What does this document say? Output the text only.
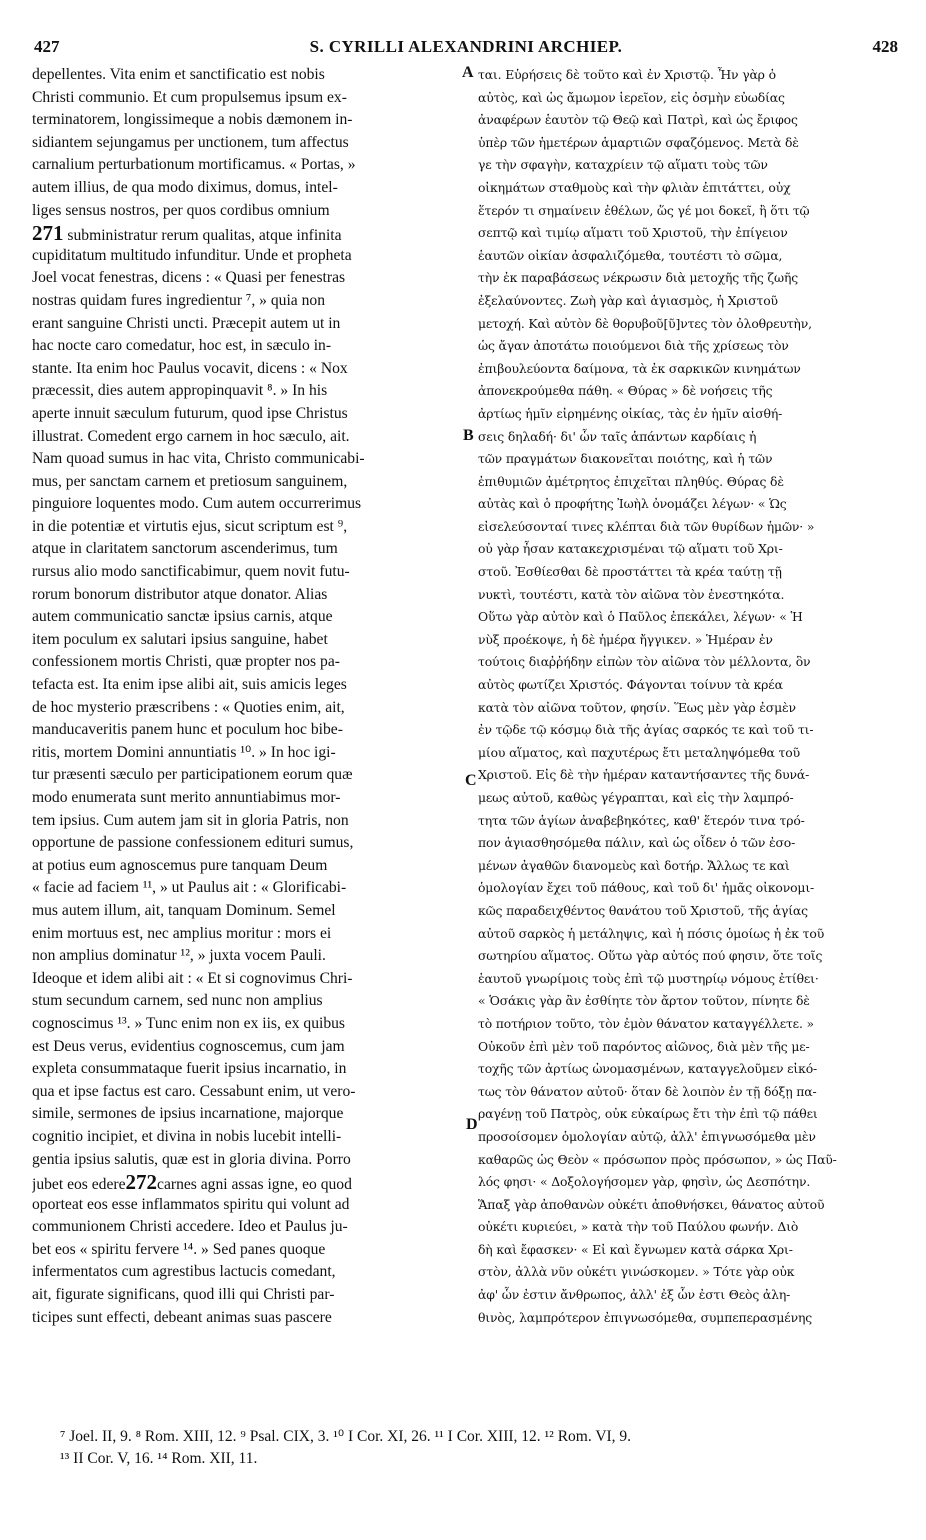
427	S. CYRILLI ALEXANDRINI ARCHIEP.	428
depellentes. Vita enim et sanctificatio est nobis
Christi communio. Et cum propulsemus ipsum ex-
terminatorem, longissimeque a nobis dæmonem in-
sidiantem sejungamus per unctionem, tum affectus
carnalium perturbationum mortificamus. « Portas, »
autem illius, de qua modo diximus, domus, intel-
liges sensus nostros, per quos cordibus omnium
271 subministratur rerum qualitas, atque infinita
cupiditatum multitudo infunditur. Unde et propheta
Joel vocat fenestras, dicens : « Quasi per fenestras
nostras quidam fures ingredientur ⁷, » quia non
erant sanguine Christi uncti. Præcepit autem ut in
hac nocte caro comedatur, hoc est, in sæculo in-
stante. Ita enim hoc Paulus vocavit, dicens : « Nox
præcessit, dies autem appropinquavit ⁸. » In his
aperte innuit sæculum futurum, quod ipse Christus
illustrat. Comedent ergo carnem in hoc sæculo, ait.
Nam quoad sumus in hac vita, Christo communicabi-
mus, per sanctam carnem et pretiosum sanguinem,
pinguiore loquentes modo. Cum autem occurrerimus
in die potentiæ et virtutis ejus, sicut scriptum est ⁹,
atque in claritatem sanctorum ascenderimus, tum
rursus alio modo sanctificabimur, quem novit futu-
rorum bonorum distributor atque donator. Alias
autem communicatio sanctæ ipsius carnis, atque
item poculum ex salutari ipsius sanguine, habet
confessionem mortis Christi, quæ propter nos pa-
tefacta est. Ita enim ipse alibi ait, suis amicis leges
de hoc mysterio præscribens : « Quoties enim, ait,
manducaveritis panem hunc et poculum hoc bibe-
ritis, mortem Domini annuntiatis ¹⁰. » In hoc igi-
tur præsenti sæculo per participationem eorum quæ
modo enumerata sunt merito annuntiabimus mor-
tem ipsius. Cum autem jam sit in gloria Patris, non
opportune de passione confessionem edituri sumus,
at potius eum agnoscemus pure tanquam Deum
« facie ad faciem ¹¹, » ut Paulus ait : « Glorificabi-
mus autem illum, ait, tanquam Dominum. Semel
enim mortuus est, nec amplius moritur : mors ei
non amplius dominatur ¹², » juxta vocem Pauli.
Ideoque et idem alibi ait : « Et si cognovimus Chri-
stum secundum carnem, sed nunc non amplius
cognoscimus ¹³. » Tunc enim non ex iis, ex quibus
est Deus verus, evidentius cognoscemus, cum jam
expleta consummataque fuerit ipsius incarnatio, in
qua et ipse factus est caro. Cessabunt enim, ut vero-
simile, sermones de ipsius incarnatione, majorque
cognitio incipiet, et divina in nobis lucebit intelli-
gentia ipsius salutis, quæ est in gloria divina. Porro
jubet eos edere272carnes agni assas igne, eo quod
oporteat eos esse inflammatos spiritu qui volunt ad
communionem Christi accedere. Ideo et Paulus ju-
bet eos « spiritu fervere ¹⁴. » Sed panes quoque
infermentatos cum agrestibus lactucis comedant,
ait, figurate significans, quod illi qui Christi par-
ticipes sunt effecti, debeant animas suas pascere
A
B
C
D
ται. Εὑρήσεις δὲ τοῦτο καὶ ἐν Χριστῷ. Ἦν γὰρ ὁ
αὐτὸς, καὶ ὡς ἄμωμον ἱερεῖον, εἰς ὀσμὴν εὐωδίας
ἀναφέρων ἑαυτὸν τῷ Θεῷ καὶ Πατρὶ, καὶ ὡς ἔριφος
ὑπὲρ τῶν ἡμετέρων ἁμαρτιῶν σφαζόμενος. Μετὰ δὲ
γε τὴν σφαγὴν, καταχρίειν τῷ αἵματι τοὺς τῶν
οἰκημάτων σταθμοὺς καὶ τὴν φλιὰν ἐπιτάττει, οὐχ
ἕτερόν τι σημαίνειν ἐθέλων, ὥς γέ μοι δοκεῖ, ἢ ὅτι τῷ
σεπτῷ καὶ τιμίῳ αἵματι τοῦ Χριστοῦ, τὴν ἐπίγειον
ἑαυτῶν οἰκίαν ἀσφαλιζόμεθα, τουτέστι τὸ σῶμα,
τὴν ἐκ παραβάσεως νέκρωσιν διὰ μετοχῆς τῆς ζωῆς
ἐξελαύνοντες. Ζωὴ γὰρ καὶ ἁγιασμὸς, ἡ Χριστοῦ
μετοχή. Καὶ αὐτὸν δὲ θορυβοῦ[ῦ]ντες τὸν ὀλοθρευτὴν,
ὡς ἄγαν ἀποτάτω ποιούμενοι διὰ τῆς χρίσεως τὸν
ἐπιβουλεύοντα δαίμονα, τὰ ἐκ σαρκικῶν κινημάτων
ἀπονεκρούμεθα πάθη. « Θύρας » δὲ νοήσεις τῆς
ἀρτίως ἡμῖν εἰρημένης οἰκίας, τὰς ἐν ἡμῖν αἰσθή-
σεις δηλαδή· δι' ὧν ταῖς ἁπάντων καρδίαις ἡ
τῶν πραγμάτων διακονεῖται ποιότης, καὶ ἡ τῶν
ἐπιθυμιῶν ἀμέτρητος ἐπιχεῖται πληθύς. Θύρας δὲ
αὐτὰς καὶ ὁ προφήτης Ἰωὴλ ὀνομάζει λέγων· « Ὡς
εἰσελεύσονταί τινες κλέπται διὰ τῶν θυρίδων ἡμῶν· »
οὐ γὰρ ἦσαν κατακεχρισμέναι τῷ αἵματι τοῦ Χρι-
στοῦ. Ἐσθίεσθαι δὲ προστάττει τὰ κρέα ταύτῃ τῇ
νυκτὶ, τουτέστι, κατὰ τὸν αἰῶνα τὸν ἐνεστηκότα.
Οὕτω γὰρ αὐτὸν καὶ ὁ Παῦλος ἐπεκάλει, λέγων· « Ἡ
νὺξ προέκοψε, ἡ δὲ ἡμέρα ἤγγικεν. » Ἡμέραν ἐν
τούτοις διαῤῥήδην εἰπὼν τὸν αἰῶνα τὸν μέλλοντα, ὃν
αὐτὸς φωτίζει Χριστός. Φάγονται τοίνυν τὰ κρέα
κατὰ τὸν αἰῶνα τοῦτον, φησίν. Ἕως μὲν γὰρ ἐσμὲν
ἐν τῷδε τῷ κόσμῳ διὰ τῆς ἁγίας σαρκός τε καὶ τοῦ τι-
μίου αἵματος, καὶ παχυτέρως ἔτι μεταληψόμεθα τοῦ
Χριστοῦ. Εἰς δὲ τὴν ἡμέραν καταντήσαντες τῆς δυνά-
μεως αὐτοῦ, καθὼς γέγραπται, καὶ εἰς τὴν λαμπρό-
τητα τῶν ἁγίων ἀναβεβηκότες, καθ' ἕτερόν τινα τρό-
πον ἁγιασθησόμεθα πάλιν, καὶ ὡς οἶδεν ὁ τῶν ἐσο-
μένων ἀγαθῶν διανομεὺς καὶ δοτήρ. Ἄλλως τε καὶ
ὁμολογίαν ἔχει τοῦ πάθους, καὶ τοῦ δι' ἡμᾶς οἰκονομι-
κῶς παραδειχθέντος θανάτου τοῦ Χριστοῦ, τῆς ἁγίας
αὐτοῦ σαρκὸς ἡ μετάληψις, καὶ ἡ πόσις ὁμοίως ἡ ἐκ τοῦ
σωτηρίου αἵματος. Οὕτω γὰρ αὐτός πού φησιν, ὅτε τοῖς
ἑαυτοῦ γνωρίμοις τοὺς ἐπὶ τῷ μυστηρίῳ νόμους ἐτίθει·
« Ὁσάκις γὰρ ἂν ἐσθίητε τὸν ἄρτον τοῦτον, πίνητε δὲ
τὸ ποτήριον τοῦτο, τὸν ἐμὸν θάνατον καταγγέλλετε. »
Οὐκοῦν ἐπὶ μὲν τοῦ παρόντος αἰῶνος, διὰ μὲν τῆς με-
τοχῆς τῶν ἀρτίως ὠνομασμένων, καταγγελοῦμεν εἰκό-
τως τὸν θάνατον αὐτοῦ· ὅταν δὲ λοιπὸν ἐν τῇ δόξῃ πα-
ραγένῃ τοῦ Πατρὸς, οὐκ εὐκαίρως ἔτι τὴν ἐπὶ τῷ πάθει
προσοίσομεν ὁμολογίαν αὐτῷ, ἀλλ' ἐπιγνωσόμεθα μὲν
καθαρῶς ὡς Θεὸν « πρόσωπον πρὸς πρόσωπον, » ὡς Παῦ-
λός φησι· « Δοξολογήσομεν γὰρ, φησὶν, ὡς Δεσπότην.
Ἅπαξ γὰρ ἀποθανὼν οὐκέτι ἀποθνήσκει, θάνατος αὐτοῦ
οὐκέτι κυριεύει, » κατὰ τὴν τοῦ Παύλου φωνήν. Διὸ
δὴ καὶ ἔφασκεν· « Εἰ καὶ ἔγνωμεν κατὰ σάρκα Χρι-
στὸν, ἀλλὰ νῦν οὐκέτι γινώσκομεν. » Τότε γὰρ οὐκ
ἀφ' ὧν ἐστιν ἄνθρωπος, ἀλλ' ἐξ ὧν ἐστι Θεὸς ἀλη-
θινὸς, λαμπρότερον ἐπιγνωσόμεθα, συμπεπερασμένης
⁷ Joel. II, 9. ⁸ Rom. XIII, 12. ⁹ Psal. CIX, 3. ¹⁰ I Cor. XI, 26. ¹¹ I Cor. XIII, 12. ¹² Rom. VI, 9.
¹³ II Cor. V, 16. ¹⁴ Rom. XII, 11.
